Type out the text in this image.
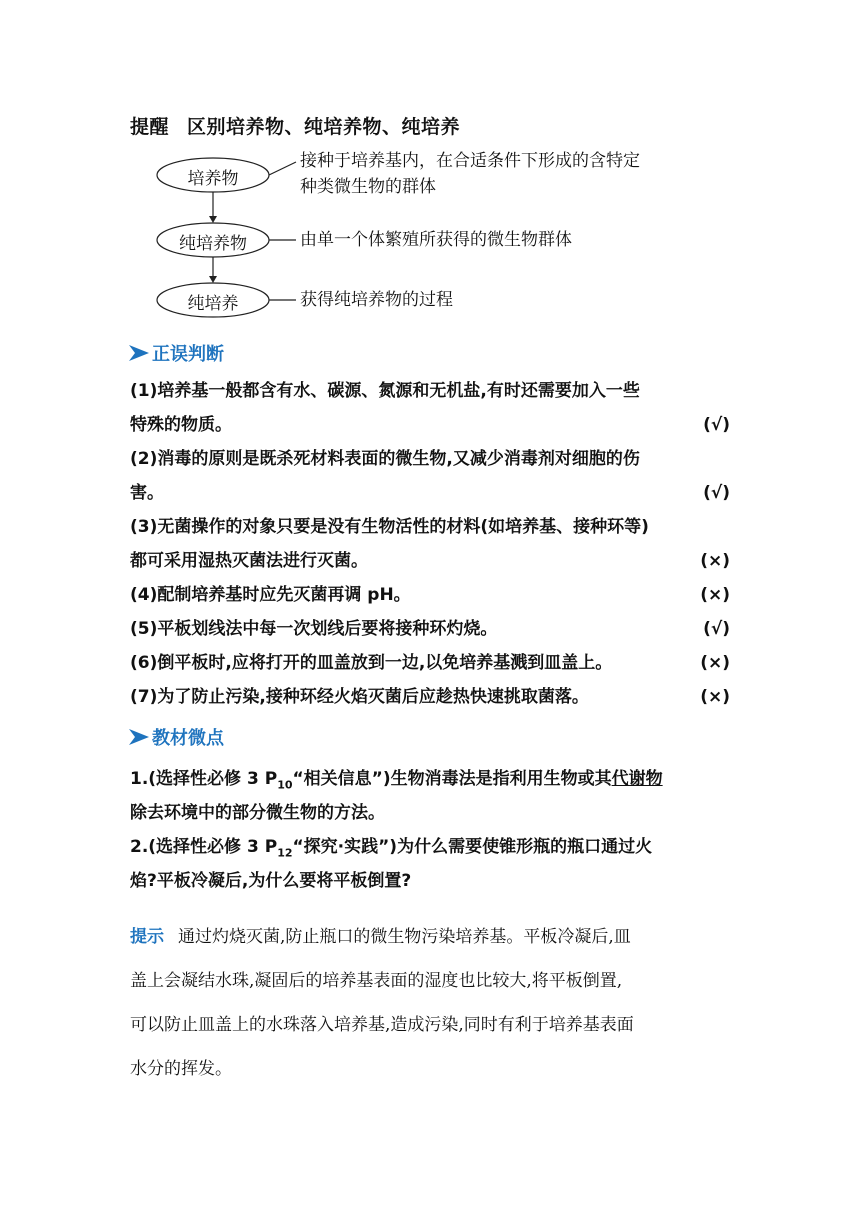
提醒 区别培养物、纯培养物、纯培养
培养物
纯培养物
纯培养
接种于培养基内，在合适条件下形成的含特定
种类微生物的群体
由单一个体繁殖所获得的微生物群体
获得纯培养物的过程
正误判断
(1)培养基一般都含有水、碳源、氮源和无机盐,有时还需要加入一些
特殊的物质。	(√)
(2)消毒的原则是既杀死材料表面的微生物,又减少消毒剂对细胞的伤
害。	(√)
(3)无菌操作的对象只要是没有生物活性的材料(如培养基、接种环等)
都可采用湿热灭菌法进行灭菌。	(×)
(4)配制培养基时应先灭菌再调 pH。	(×)
(5)平板划线法中每一次划线后要将接种环灼烧。	(√)
(6)倒平板时,应将打开的皿盖放到一边,以免培养基溅到皿盖上。	(×)
(7)为了防止污染,接种环经火焰灭菌后应趁热快速挑取菌落。	(×)
教材微点
1.(选择性必修 3 $P_{10}“$相关信息”)生物消毒法是指利用生物或其代谢物
除去环境中的部分微生物的方法。
2.(选择性必修 3 $P_{12}“$探究·实践”)为什么需要使锥形瓶的瓶口通过火
焰?平板冷凝后,为什么要将平板倒置?
提示 通过灼烧灭菌,防止瓶口的微生物污染培养基。平板冷凝后,皿
盖上会凝结水珠,凝固后的培养基表面的湿度也比较大,将平板倒置,
可以防止皿盖上的水珠落入培养基,造成污染,同时有利于培养基表面
水分的挥发。
